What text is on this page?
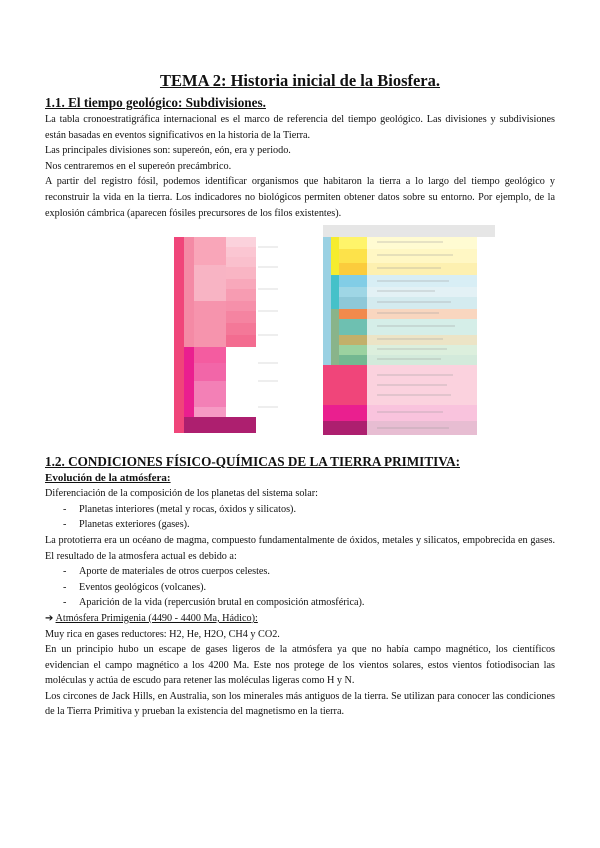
TEMA 2: Historia inicial de la Biosfera.
1.1. El tiempo geológico: Subdivisiones.

La tabla cronoestratigráfica internacional es el marco de referencia del tiempo geológico. Las divisiones y subdivisiones están basadas en eventos significativos en la historia de la Tierra.

Las principales divisiones son: supereón, eón, era y periodo.

Nos centraremos en el supereón precámbrico.

A partir del registro fósil, podemos identificar organismos que habitaron la tierra a lo largo del tiempo geológico y reconstruir la vida en la tierra. Los indicadores no biológicos permiten obtener datos sobre su entorno. Por ejemplo, de la explosión cámbrica (aparecen fósiles precursores de los filos existentes).

1.2. CONDICIONES FÍSICO-QUÍMICAS DE LA TIERRA PRIMITIVA:
Evolución de la atmósfera:

Diferenciación de la composición de los planetas del sistema solar:

- Planetas interiores (metal y rocas, óxidos y silicatos).
- Planetas exteriores (gases).

La prototierra era un océano de magma, compuesto fundamentalmente de óxidos, metales y silicatos, empobrecida en gases. El resultado de la atmosfera actual es debido a:

- Aporte de materiales de otros cuerpos celestes.
- Eventos geológicos (volcanes).
- Aparición de la vida (repercusión brutal en composición atmosférica).
➔ Atmósfera Primigenia (4490 - 4400 Ma, Hádico):

Muy rica en gases reductores: H2, He, H2O, CH4 y CO2.

En un principio hubo un escape de gases ligeros de la atmósfera ya que no había campo magnético, los científicos evidencian el campo magnético a los 4200 Ma. Este nos protege de los vientos solares, estos vientos fotiodisocian las moléculas y actúa de escudo para retener las moléculas ligeras como H y N.

Los circones de Jack Hills, en Australia, son los minerales más antiguos de la tierra. Se utilizan para conocer las condiciones de la Tierra Primitiva y prueban la existencia del magnetismo en la tierra.
